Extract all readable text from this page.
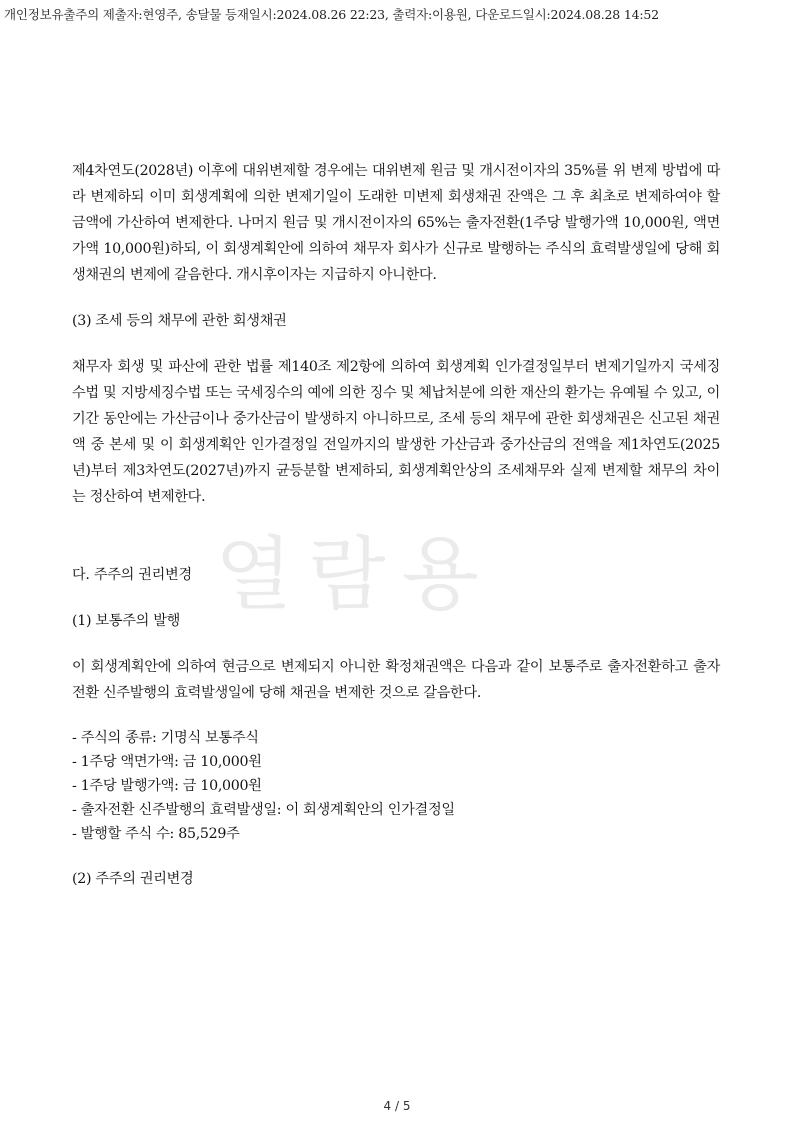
개인정보유출주의 제출자:현영주, 송달물 등재일시:2024.08.26 22:23, 출력자:이용원, 다운로드일시:2024.08.28 14:52
열람용

제4차연도(2028년) 이후에 대위변제할 경우에는 대위변제 원금 및 개시전이자의 35%를 위 변제 방법에 따라 변제하되 이미 회생계획에 의한 변제기일이 도래한 미변제 회생채권 잔액은 그 후 최초로 변제하여야 할 금액에 가산하여 변제한다. 나머지 원금 및 개시전이자의 65%는 출자전환(1주당 발행가액 10,000원, 액면가액 10,000원)하되, 이 회생계획안에 의하여 채무자 회사가 신규로 발행하는 주식의 효력발생일에 당해 회생채권의 변제에 갈음한다. 개시후이자는 지급하지 아니한다.

(3) 조세 등의 채무에 관한 회생채권

채무자 회생 및 파산에 관한 법률 제140조 제2항에 의하여 회생계획 인가결정일부터 변제기일까지 국세징수법 및 지방세징수법 또는 국세징수의 예에 의한 징수 및 체납처분에 의한 재산의 환가는 유예될 수 있고, 이 기간 동안에는 가산금이나 중가산금이 발생하지 아니하므로, 조세 등의 채무에 관한 회생채권은 신고된 채권액 중 본세 및 이 회생계획안 인가결정일 전일까지의 발생한 가산금과 중가산금의 전액을 제1차연도(2025년)부터 제3차연도(2027년)까지 균등분할 변제하되, 회생계획안상의 조세채무와 실제 변제할 채무의 차이는 정산하여 변제한다.

다. 주주의 권리변경

(1) 보통주의 발행

이 회생계획안에 의하여 현금으로 변제되지 아니한 확정채권액은 다음과 같이 보통주로 출자전환하고 출자전환 신주발행의 효력발생일에 당해 채권을 변제한 것으로 갈음한다.

- 주식의 종류: 기명식 보통주식
- 1주당 액면가액: 금 10,000원
- 1주당 발행가액: 금 10,000원
- 출자전환 신주발행의 효력발생일: 이 회생계획안의 인가결정일
- 발행할 주식 수: 85,529주

(2) 주주의 권리변경

4 / 5
